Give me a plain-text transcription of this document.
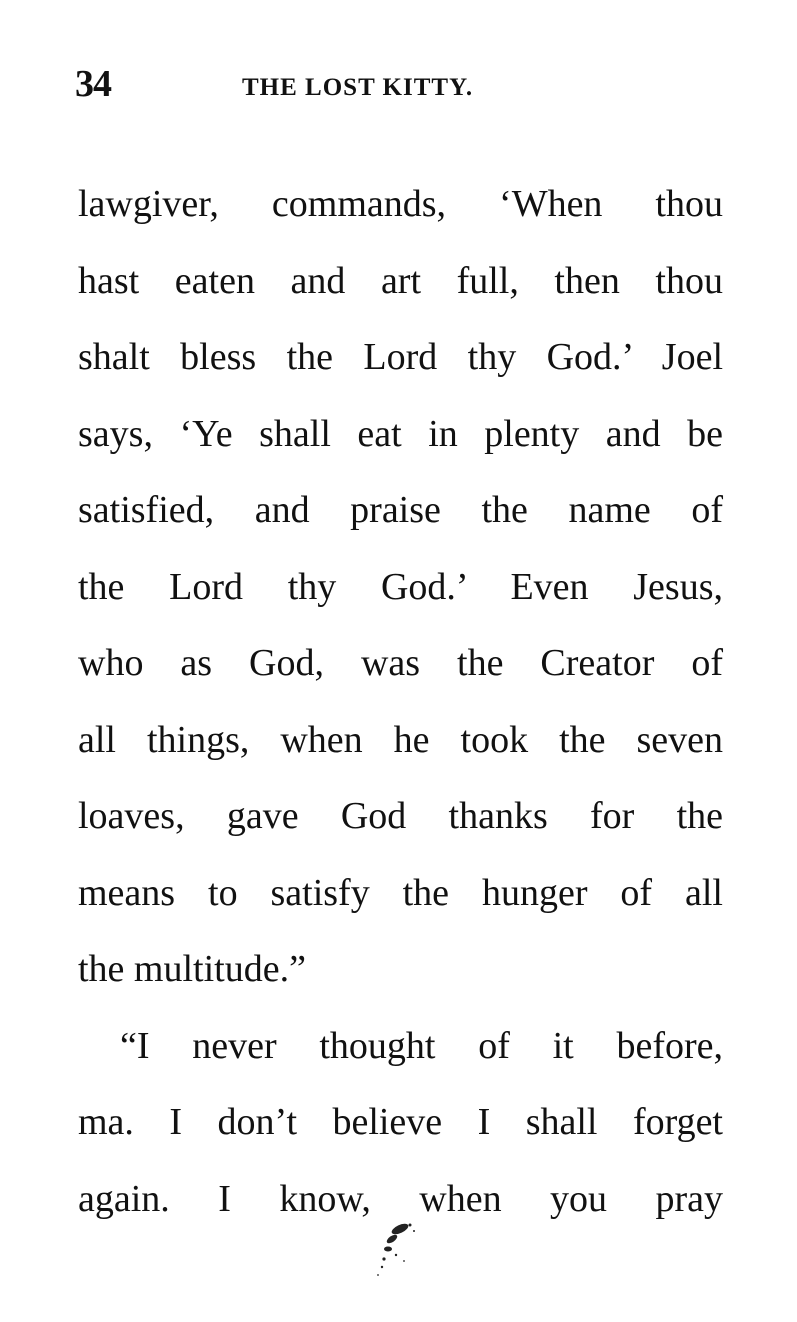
34	THE LOST KITTY.
lawgiver, commands, ‘When thou
hast eaten and art full, then thou
shalt bless the Lord thy God.’ Joel
says, ‘Ye shall eat in plenty and be
satisfied, and praise the name of
the Lord thy God.’ Even Jesus,
who as God, was the Creator of
all things, when he took the seven
loaves, gave God thanks for the
means to satisfy the hunger of all
the multitude.”
“I never thought of it before,
ma. I don’t believe I shall forget
again. I know, when you pray
